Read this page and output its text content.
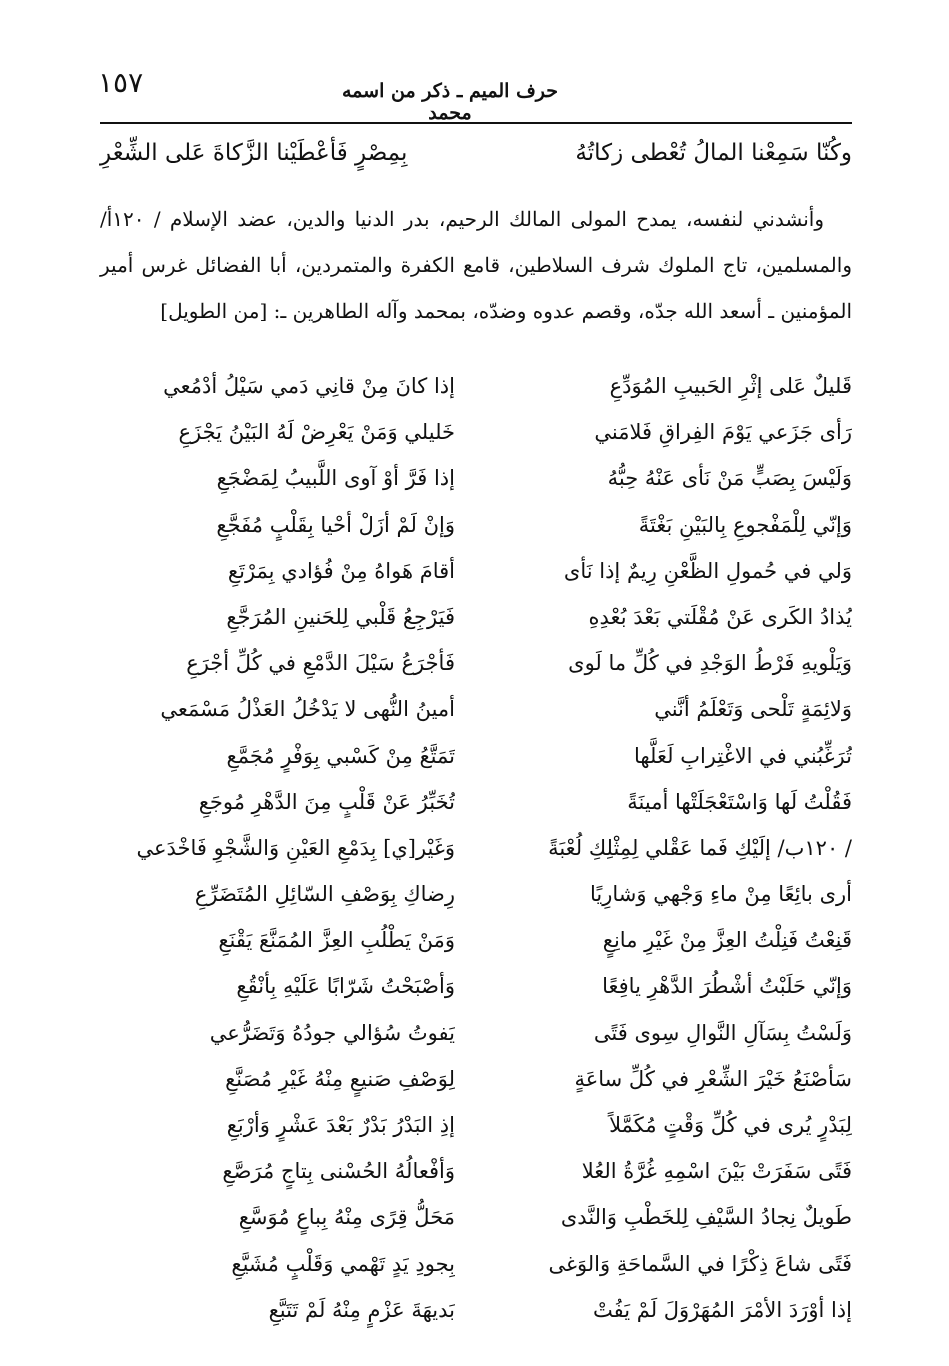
١٥٧	حرف الميم ـ ذكر من اسمه محمد
وكُنّا سَمِعْنا المالُ تُعْطى زكاتُهُ
بِمِصْرٍ فَأعْطَيْنا الزَّكاةَ عَلى الشِّعْرِ

وأنشدني لنفسه، يمدح المولى المالك الرحيم، بدر الدنيا والدين، عضد الإسلام / ١٢٠أ/ والمسلمين، تاج الملوك شرف السلاطين، قامع الكفرة والمتمردين، أبا الفضائل غرس أمير المؤمنين ـ أسعد الله جدّه، وقصم عدوه وضدّه، بمحمد وآله الطاهرين ـ: [من الطويل]

قَليلٌ عَلى إثْرِ الحَبيبِ المُوَدِّعِ
إذا كانَ مِنْ قانِي دَمي سَيْلُ أدْمُعي
رَأى جَزَعي يَوْمَ الفِراقِ فَلامَني
خَليلي وَمَنْ يَعْرِضْ لَهُ البَيْنُ يَجْزَعِ
وَلَيْسَ بِصَبٍّ مَنْ نَأى عَنْهُ حِبُّهُ
إذا فَرَّ أوْ آوى اللَّبيبُ لِمَضْجَعِ
وَإنّي لِلْمَفْجوعِ بِالبَيْنِ بَغْتَةً
وَإنْ لَمْ أزَلْ أحْيا بِقَلْبٍ مُفَجَّعِ
وَلي في حُمولِ الظَّعْنِ رِيمٌ إذا نَأى
أقامَ هَواهُ مِنْ فُؤادي بِمَرْتَعِ
يُذادُ الكَرى عَنْ مُقْلَتي بَعْدَ بُعْدِهِ
فَيَرْجِعُ قَلْبي لِلحَنينِ المُرَجَّعِ
وَيَلْويهِ فَرْطُ الوَجْدِ في كُلِّ ما لَوى
فَأجْرَعُ سَيْلَ الدَّمْعِ في كُلِّ أجْرَعِ
وَلائِمَةٍ تَلْحى وَتَعْلَمُ أنَّني
أمينُ النُّهى لا يَدْخُلُ العَذْلُ مَسْمَعي
تُرَغِّبُني في الاغْتِرابِ لَعَلَّها
تَمَتَّعُ مِنْ كَسْبي بِوَفْرٍ مُجَمَّعِ
فَقُلْتُ لَها وَاسْتَعْجَلَتْها أمينَةً
تُخَبِّرُ عَنْ قَلْبٍ مِنَ الدَّهْرِ مُوجَعِ
/ ١٢٠ب/ إلَيْكِ فَما عَقْلي لِمِثْلِكِ لُعْبَةً
وَغَيْر[ي] بِدَمْعِ العَيْنِ وَالشَّجْوِ فَاخْدَعي
أرى بائِعًا مِنْ ماءِ وَجْهي وَشارِيًا
رِضاكِ بِوَصْفِ السّائِلِ المُتَضَرِّعِ
قَنِعْتُ فَنِلْتُ العِزَّ مِنْ غَيْرِ مانِعٍ
وَمَنْ يَطْلُبِ العِزَّ المُمَنَّعَ يَقْنَعِ
وَإنّي حَلَبْتُ أشْطُرَ الدَّهْرِ يافِعًا
وَأصْبَحْتُ شَرّابًا عَلَيْهِ بِأنْقُعِ
وَلَسْتُ بِسَآلِ النَّوالِ سِوى فَتًى
يَفوتُ سُؤالي جودُهُ وَتَضَرُّعي
سَأصْنَعُ خَيْرَ الشِّعْرِ في كُلِّ ساعَةٍ
لِوَصْفِ صَنيعٍ مِنْهُ غَيْرِ مُصَنَّعِ
لِبَدْرٍ يُرى في كُلِّ وَقْتٍ مُكَمَّلاً
إذِ البَدْرُ بَدْرٌ بَعْدَ عَشْرٍ وَأرْبَعِ
فَتًى سَفَرَتْ بَيْنَ اسْمِهِ غُرَّةُ العُلا
وَأفْعالُهُ الحُسْنى بِتاجٍ مُرَصَّعِ
طَويلٌ نِجادُ السَّيْفِ لِلخَطْبِ وَالنَّدى
مَحَلُّ قِرًى مِنْهُ بِباعٍ مُوَسَّعِ
فَتًى شاعَ ذِكْرًا في السَّماحَةِ وَالوَغى
بِجودِ يَدٍ تَهْمي وَقَلْبٍ مُشَيَّعِ
إذا أوْرَدَ الأمْرَ المُهَرْوَلَ لَمْ يَفُتْ
بَديهَةَ عَزْمٍ مِنْهُ لَمْ تَتَبَّعِ
